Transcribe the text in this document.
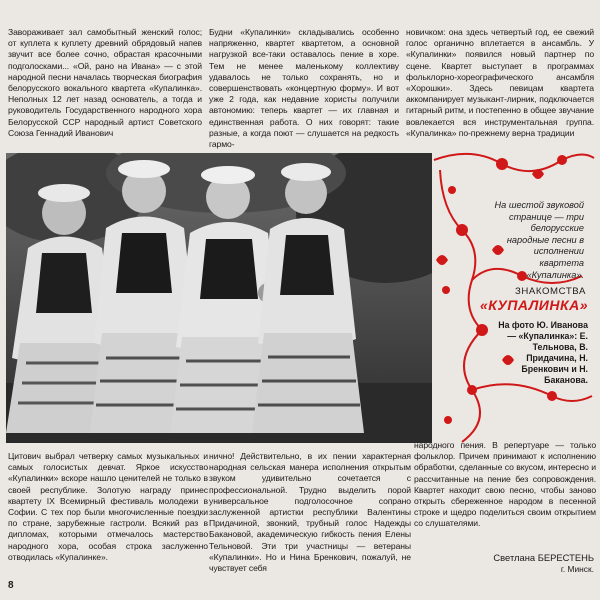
Завораживает зал самобытный женский голос; от куплета к куплету древний обрядовый напев звучит все более сочно, обрастая красочными подголосками... «Ой, рано на Ивана» — с этой народной песни началась творческая биография белорусского вокального квартета «Купалинка». Неполных 12 лет назад основатель, а тогда и руководитель Государственного народного хора Белорусской ССР народный артист Советского Союза Геннадий Иванович

Будни «Купалинки» складывались особенно напряженно, квартет квартетом, а основной нагрузкой все-таки оставалось пение в хоре. Тем не менее маленькому коллективу удавалось не только сохранять, но и совершенствовать «концертную форму». И вот уже 2 года, как недавние хористы получили автономию: теперь квартет — их главная и единственная работа. О них говорят: такие разные, а когда поют — слушается на редкость гармо-

новичком: она здесь четвертый год, ее свежий голос органично вплетается в ансамбль. У «Купалинки» появился новый партнер по сцене. Квартет выступает в программах фольклорно-хореографического ансамбля «Хорошки». Здесь певицам квартета аккомпанирует музыкант-лирник, подключается гитарный ритм, и постепенно в общее звучание вовлекается вся инструментальная группа. «Купалинка» по-прежнему верна традиции

На шестой звуковой странице — три белорусские народные песни в исполнении квартета «Купалинка».
ЗНАКОМСТВА
«КУПАЛИНКА»
На фото Ю. Иванова — «Купалинка»: Е. Тельнова, В. Придачина, Н. Бренкович и Н. Баканова.

Цитович выбрал четверку самых музыкальных и самых голосистых девчат. Яркое искусство «Купалинки» вскоре нашло ценителей не только в своей республике. Золотую награду принес квартету IX Всемирный фестиваль молодежи в Софии. С тех пор были многочисленные поездки по стране, зарубежные гастроли. Всякий раз в дипломах, которыми отмечалось мастерство народного хора, особая строка заслуженно отводилась «Купалинке».

нично! Действительно, в их пении характерная народная сельская манера исполнения открытым звуком удивительно сочетается с профессиональной. Трудно выделить порой универсальное подголосочное сопрано заслуженной артистки республики Валентины Придачиной, звонкий, трубный голос Надежды Бакановой, академическую гибкость пения Елены Тельновой. Эти три участницы — ветераны «Купалинки». Но и Нина Бренкович, пожалуй, не чувствует себя

народного пения. В репертуаре — только фольклор. Причем принимают к исполнению обработки, сделанные со вкусом, интересно и рассчитанные на пение без сопровождения. Квартет находит свою песню, чтобы заново открыть сбереженное народом в песенной строке и щедро поделиться своим открытием со слушателями.

Светлана БЕРЕСТЕНЬ
г. Минск.
8
